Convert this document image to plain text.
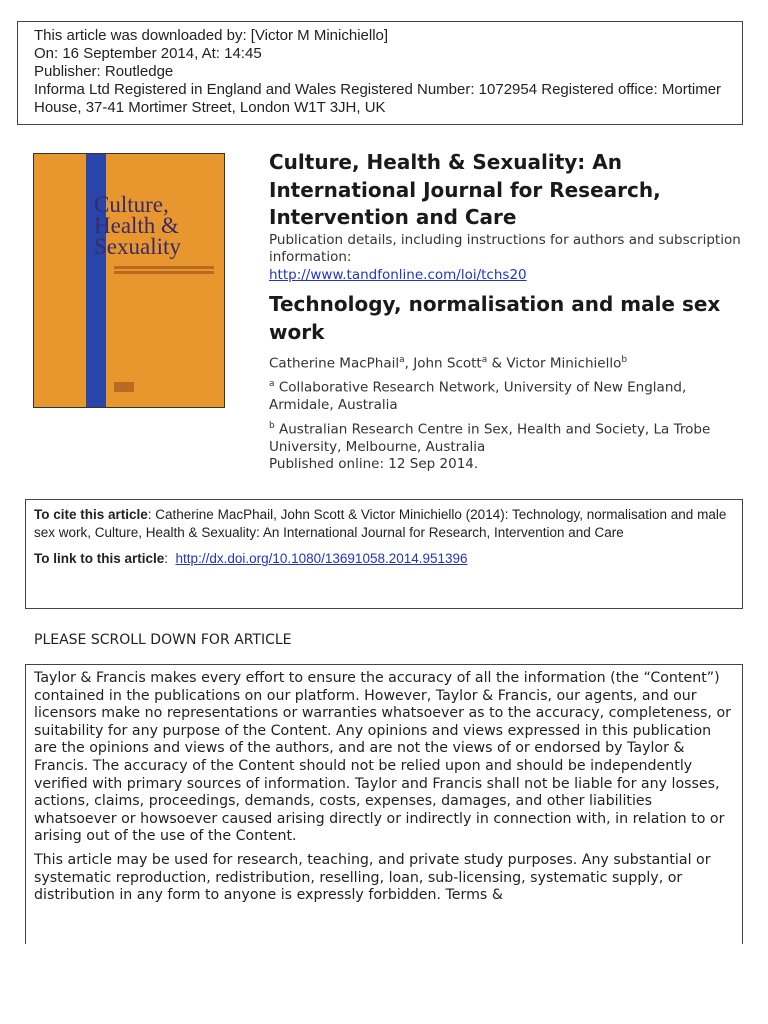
This article was downloaded by: [Victor M Minichiello]
On: 16 September 2014, At: 14:45
Publisher: Routledge
Informa Ltd Registered in England and Wales Registered Number: 1072954 Registered office: Mortimer House, 37-41 Mortimer Street, London W1T 3JH, UK
Culture, Health & Sexuality
Culture, Health & Sexuality: An International Journal for Research, Intervention and Care
Publication details, including instructions for authors and subscription information:
http://www.tandfonline.com/loi/tchs20
Technology, normalisation and male sex work
Catherine MacPhail$^a$, John Scott$^a$ & Victor Minichiello$^b$
$^a$ Collaborative Research Network, University of New England, Armidale, Australia
$^b$ Australian Research Centre in Sex, Health and Society, La Trobe University, Melbourne, Australia
Published online: 12 Sep 2014.
To cite this article: Catherine MacPhail, John Scott & Victor Minichiello (2014): Technology, normalisation and male sex work, Culture, Health & Sexuality: An International Journal for Research, Intervention and Care
To link to this article:  http://dx.doi.org/10.1080/13691058.2014.951396
PLEASE SCROLL DOWN FOR ARTICLE

Taylor & Francis makes every effort to ensure the accuracy of all the information (the “Content”) contained in the publications on our platform. However, Taylor & Francis, our agents, and our licensors make no representations or warranties whatsoever as to the accuracy, completeness, or suitability for any purpose of the Content. Any opinions and views expressed in this publication are the opinions and views of the authors, and are not the views of or endorsed by Taylor & Francis. The accuracy of the Content should not be relied upon and should be independently verified with primary sources of information. Taylor and Francis shall not be liable for any losses, actions, claims, proceedings, demands, costs, expenses, damages, and other liabilities whatsoever or howsoever caused arising directly or indirectly in connection with, in relation to or arising out of the use of the Content.

This article may be used for research, teaching, and private study purposes. Any substantial or systematic reproduction, redistribution, reselling, loan, sub-licensing, systematic supply, or distribution in any form to anyone is expressly forbidden. Terms &
